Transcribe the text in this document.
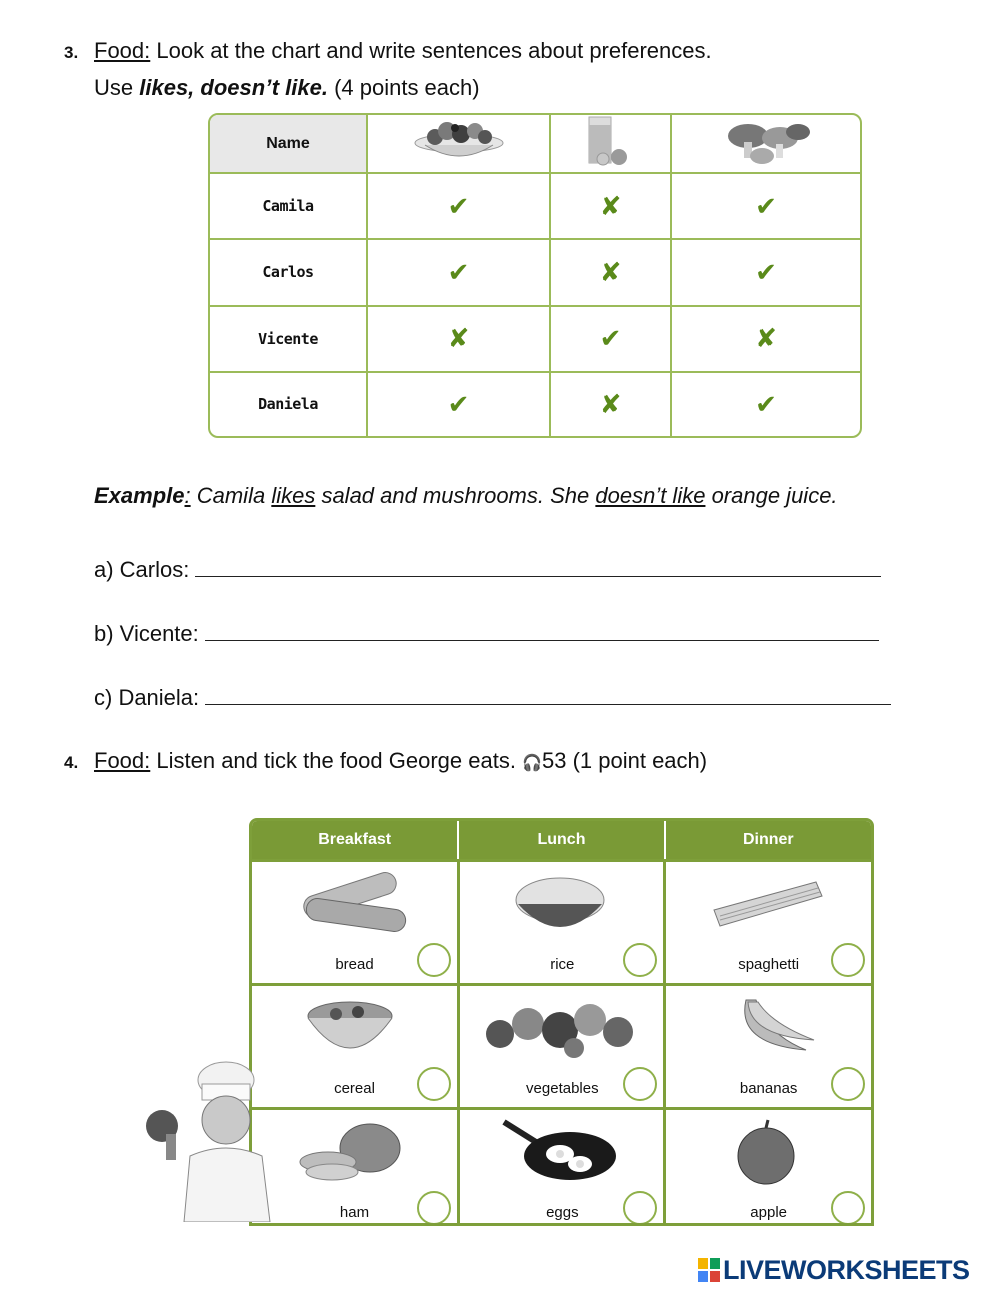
3. Food: Look at the chart and write sentences about preferences.
Use likes, doesn’t like. (4 points each)
Name			
Camila	✔	✘	✔
Carlos	✔	✘	✔
Vicente	✘	✔	✘
Daniela	✔	✘	✔
Example: Camila likes salad and mushrooms. She doesn’t like orange juice.
a) Carlos:
b) Vicente:
c) Daniela:
4. Food: Listen and tick the food George eats. 🎧53 (1 point each)
Breakfast	Lunch	Dinner

bread	rice	spaghetti

cereal	vegetables	bananas

ham	eggs	apple
LIVEWORKSHEETS
